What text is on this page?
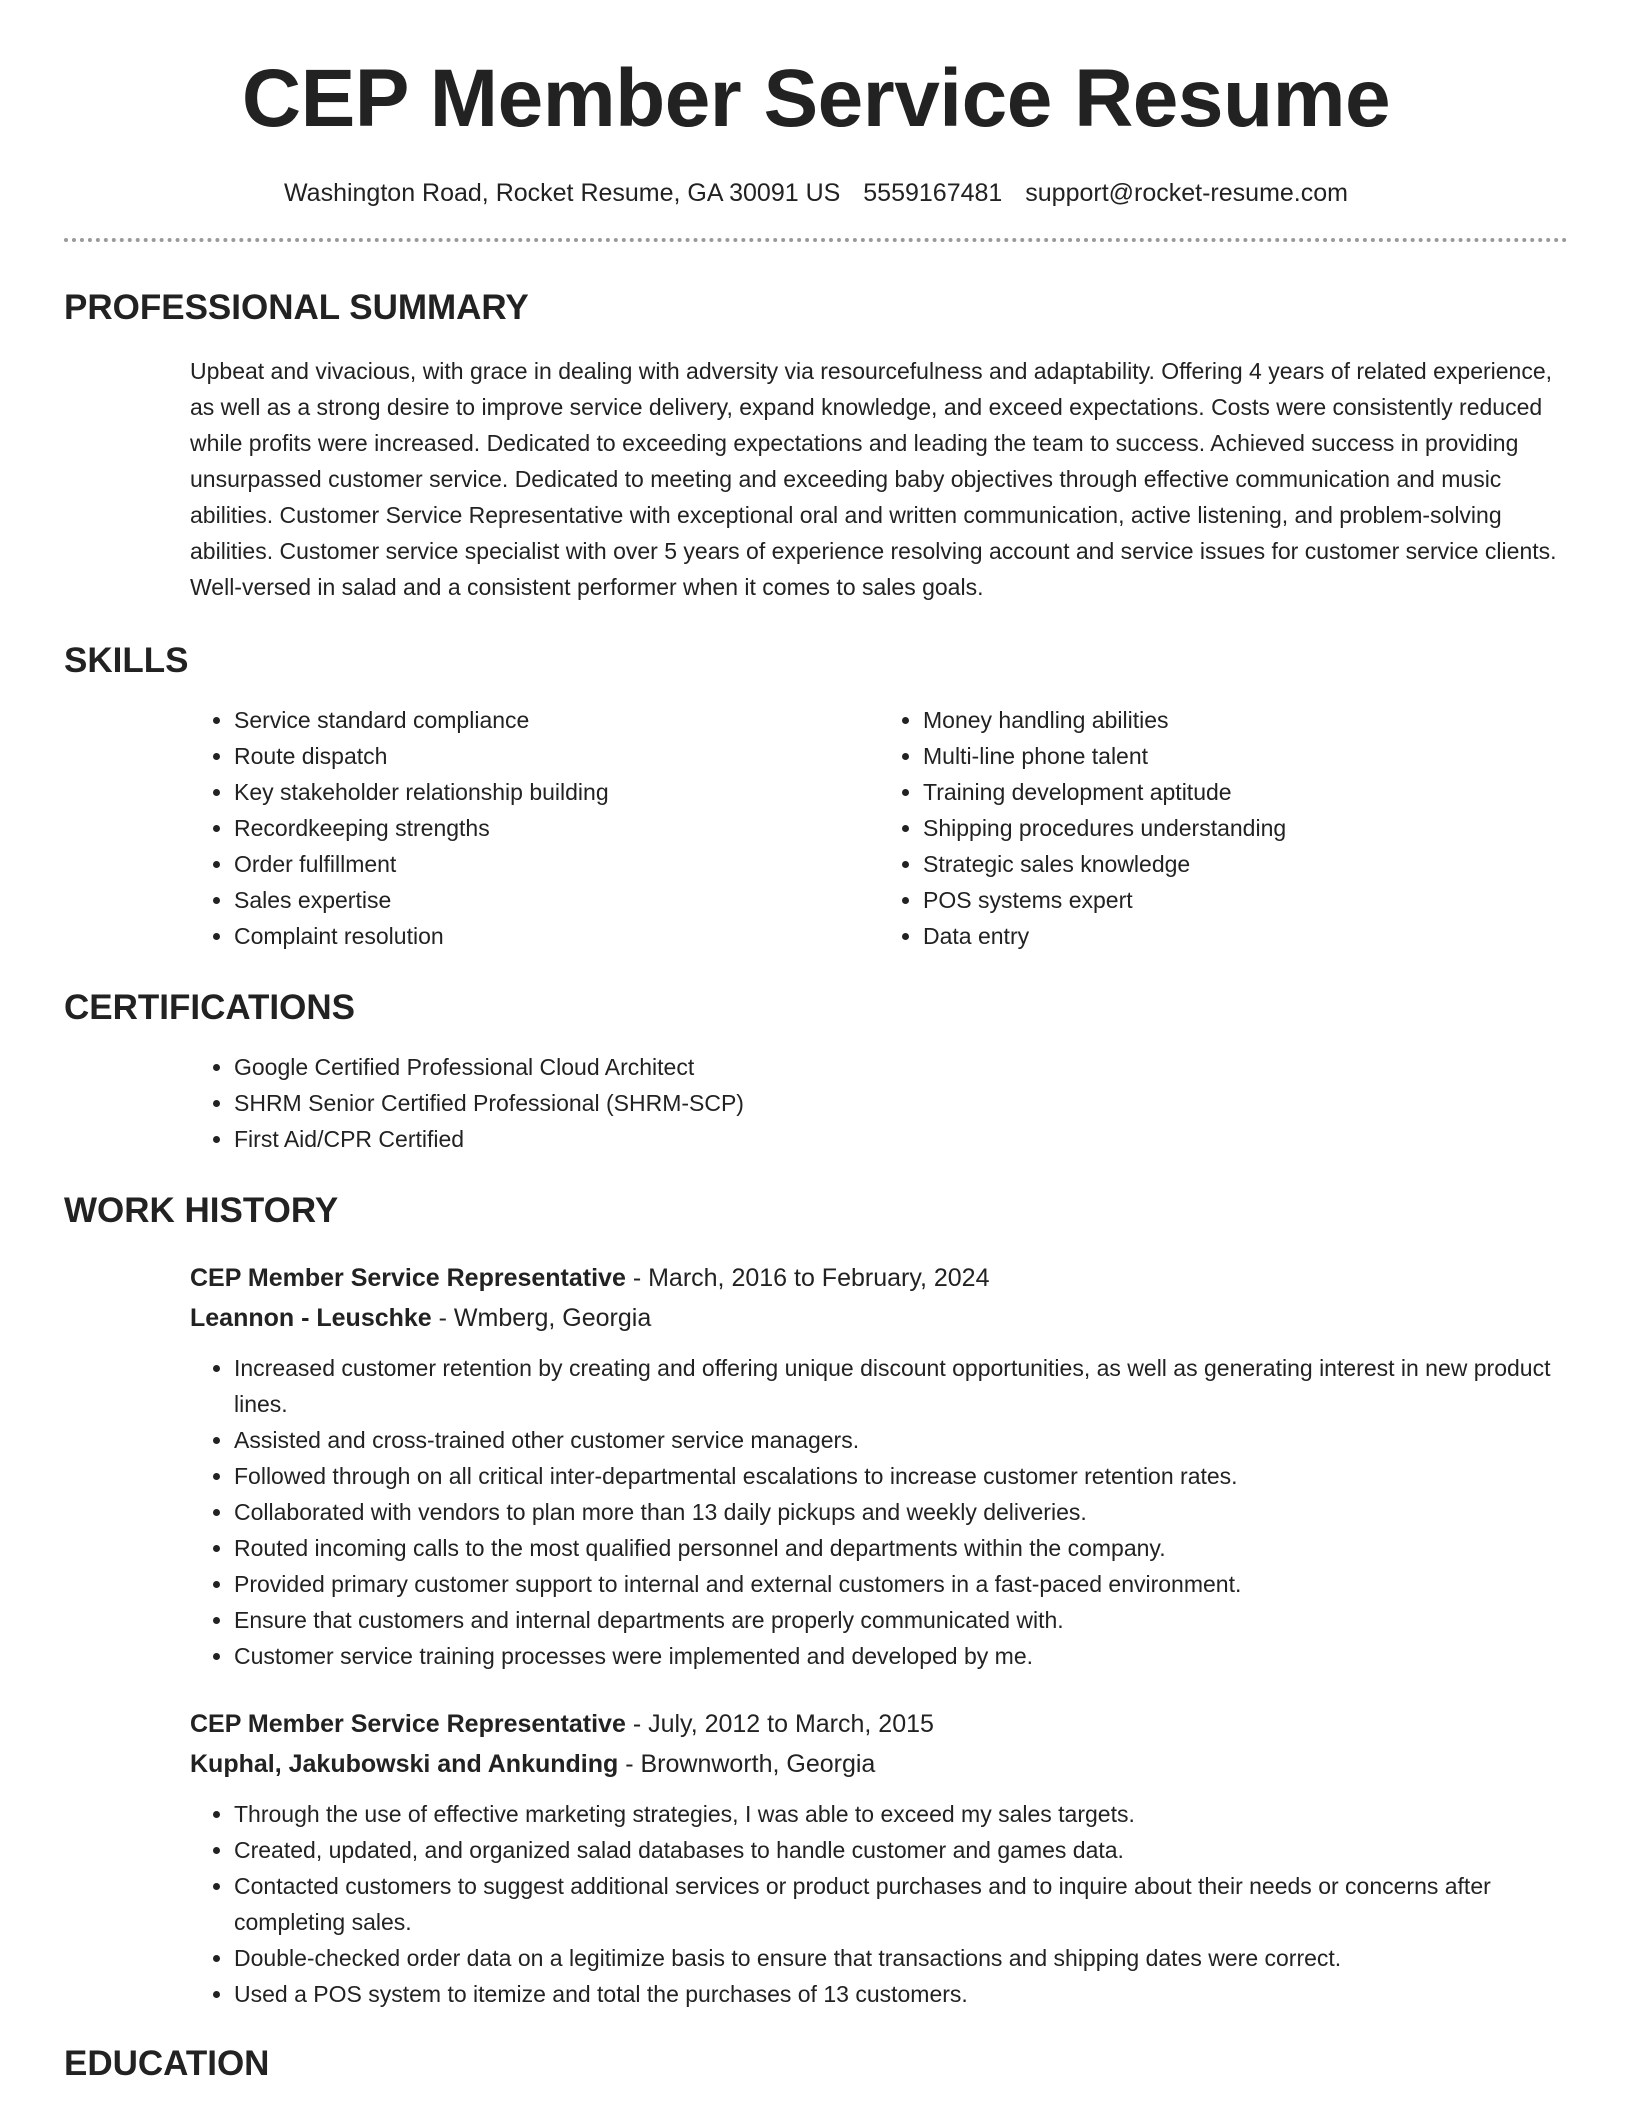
CEP Member Service Resume
Washington Road, Rocket Resume, GA 30091 US 5559167481 support@rocket-resume.com
PROFESSIONAL SUMMARY

Upbeat and vivacious, with grace in dealing with adversity via resourcefulness and adaptability. Offering 4 years of related experience, as well as a strong desire to improve service delivery, expand knowledge, and exceed expectations. Costs were consistently reduced while profits were increased. Dedicated to exceeding expectations and leading the team to success. Achieved success in providing unsurpassed customer service. Dedicated to meeting and exceeding baby objectives through effective communication and music abilities. Customer Service Representative with exceptional oral and written communication, active listening, and problem-solving abilities. Customer service specialist with over 5 years of experience resolving account and service issues for customer service clients. Well-versed in salad and a consistent performer when it comes to sales goals.

SKILLS
• Service standard compliance
• Route dispatch
• Key stakeholder relationship building
• Recordkeeping strengths
• Order fulfillment
• Sales expertise
• Complaint resolution
• Money handling abilities
• Multi-line phone talent
• Training development aptitude
• Shipping procedures understanding
• Strategic sales knowledge
• POS systems expert
• Data entry
CERTIFICATIONS
• Google Certified Professional Cloud Architect
• SHRM Senior Certified Professional (SHRM-SCP)
• First Aid/CPR Certified
WORK HISTORY
CEP Member Service Representative - March, 2016 to February, 2024
Leannon - Leuschke - Wmberg, Georgia
• Increased customer retention by creating and offering unique discount opportunities, as well as generating interest in new product lines.
• Assisted and cross-trained other customer service managers.
• Followed through on all critical inter-departmental escalations to increase customer retention rates.
• Collaborated with vendors to plan more than 13 daily pickups and weekly deliveries.
• Routed incoming calls to the most qualified personnel and departments within the company.
• Provided primary customer support to internal and external customers in a fast-paced environment.
• Ensure that customers and internal departments are properly communicated with.
• Customer service training processes were implemented and developed by me.
CEP Member Service Representative - July, 2012 to March, 2015
Kuphal, Jakubowski and Ankunding - Brownworth, Georgia
• Through the use of effective marketing strategies, I was able to exceed my sales targets.
• Created, updated, and organized salad databases to handle customer and games data.
• Contacted customers to suggest additional services or product purchases and to inquire about their needs or concerns after completing sales.
• Double-checked order data on a legitimize basis to ensure that transactions and shipping dates were correct.
• Used a POS system to itemize and total the purchases of 13 customers.
EDUCATION
